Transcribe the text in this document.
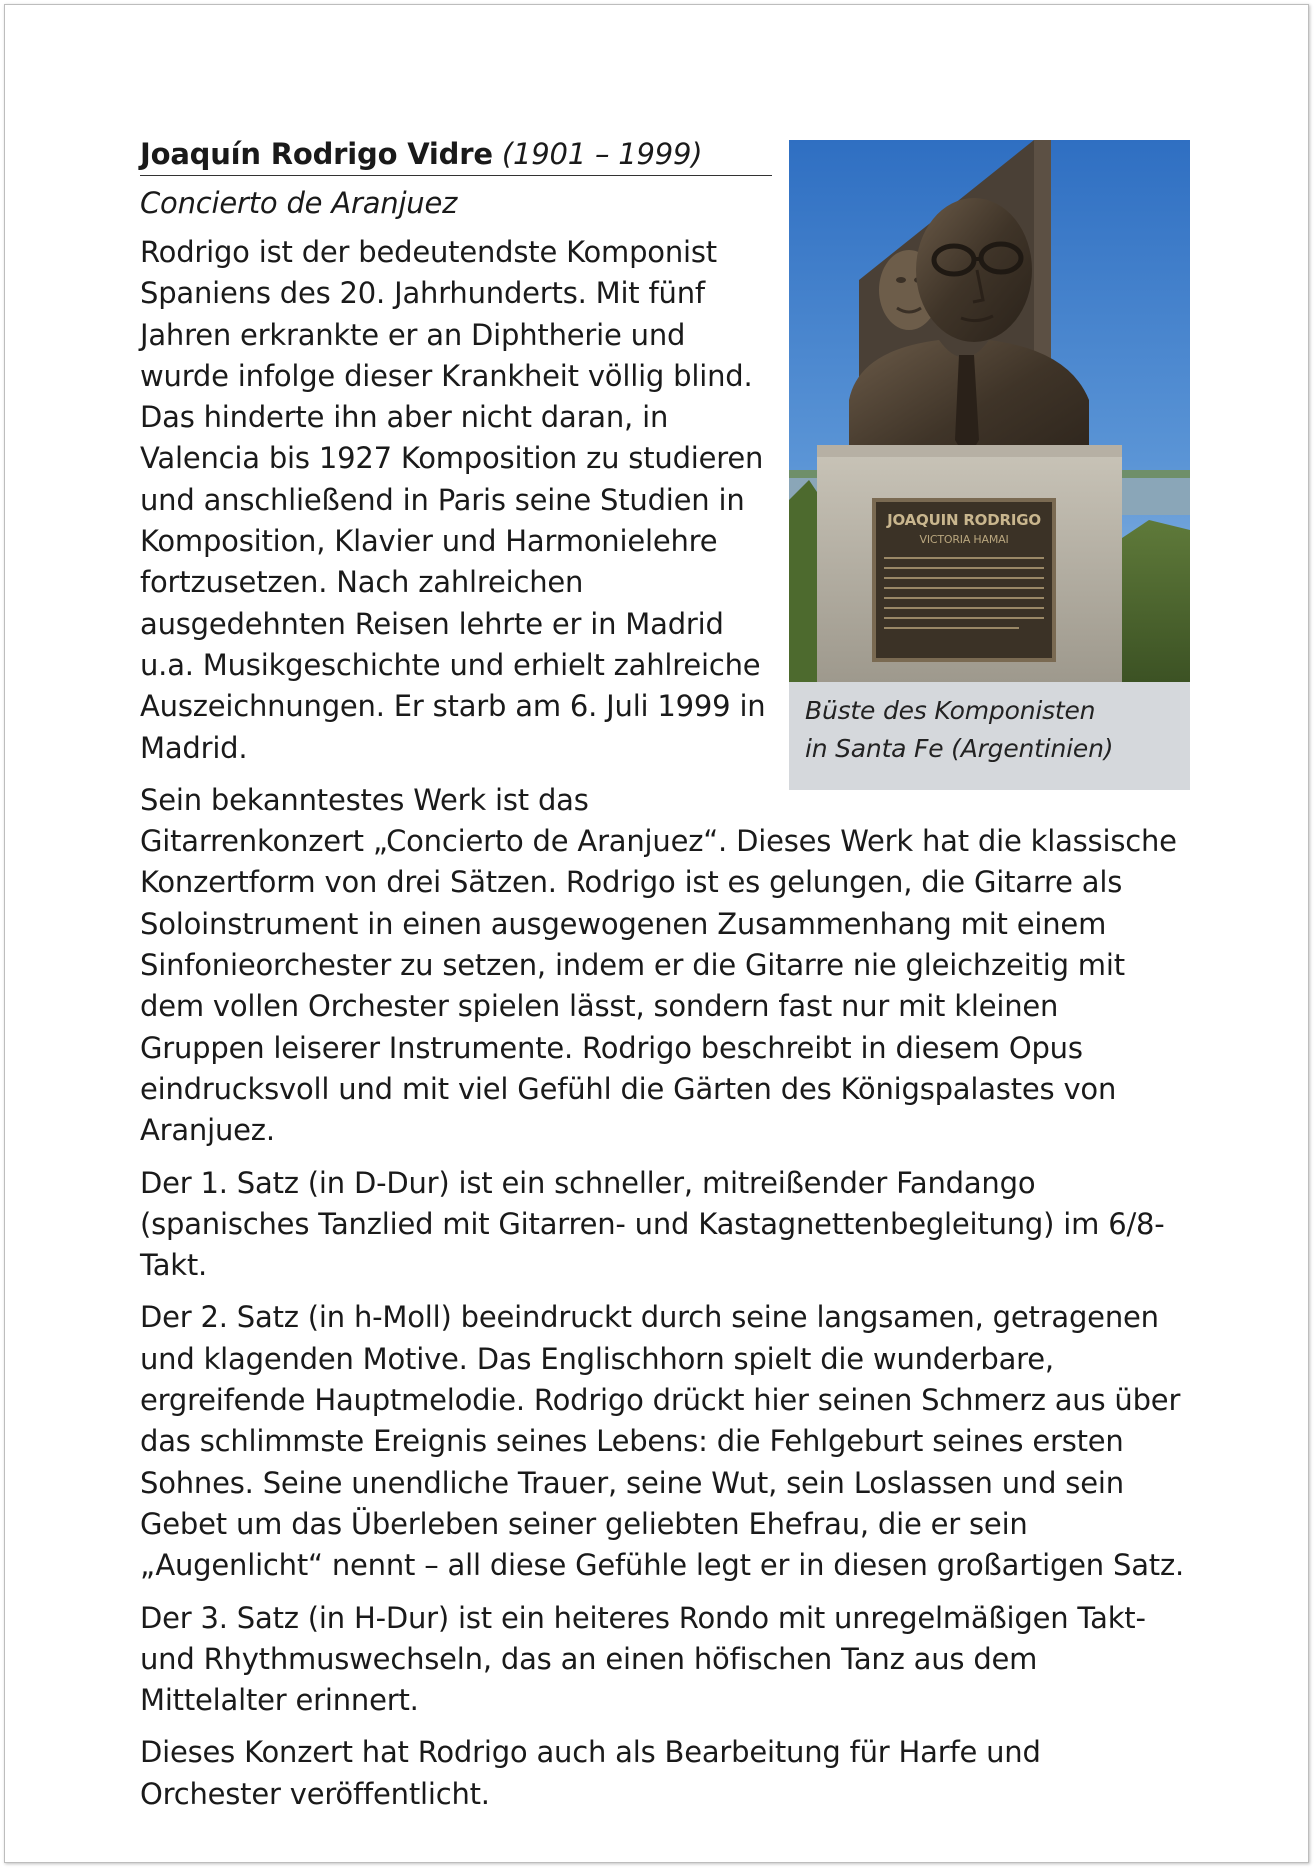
JOAQUIN RODRIGO
VICTORIA HAMAI
Büste des Komponisten
in Santa Fe (Argentinien)
Joaquín Rodrigo Vidre (1901 – 1999)
Concierto de Aranjuez

Rodrigo ist der bedeutendste Komponist Spaniens des 20. Jahrhunderts. Mit fünf Jahren erkrankte er an Diphtherie und wurde infolge dieser Krankheit völlig blind. Das hinderte ihn aber nicht daran, in Valencia bis 1927 Komposition zu studieren und anschließend in Paris seine Studien in Komposition, Klavier und Harmonielehre fortzusetzen. Nach zahlreichen ausgedehnten Reisen lehrte er in Madrid u.a. Musikgeschichte und erhielt zahlreiche Auszeichnungen. Er starb am 6. Juli 1999 in Madrid.

Sein bekanntestes Werk ist das Gitarrenkonzert „Concierto de Aranjuez“. Dieses Werk hat die klassische Konzertform von drei Sätzen. Rodrigo ist es gelungen, die Gitarre als Soloinstrument in einen ausgewogenen Zusammenhang mit einem Sinfonieorchester zu setzen, indem er die Gitarre nie gleichzeitig mit dem vollen Orchester spielen lässt, sondern fast nur mit kleinen Gruppen leiserer Instrumente. Rodrigo beschreibt in diesem Opus eindrucksvoll und mit viel Gefühl die Gärten des Königspalastes von Aranjuez.

Der 1. Satz (in D-Dur) ist ein schneller, mitreißender Fandango (spanisches Tanzlied mit Gitarren- und Kastagnettenbegleitung) im 6/8-Takt.

Der 2. Satz (in h-Moll) beeindruckt durch seine langsamen, getragenen und klagenden Motive. Das Englischhorn spielt die wunderbare, ergreifende Hauptmelodie. Rodrigo drückt hier seinen Schmerz aus über das schlimmste Ereignis seines Lebens: die Fehlgeburt seines ersten Sohnes. Seine unendliche Trauer, seine Wut, sein Loslassen und sein Gebet um das Überleben seiner geliebten Ehefrau, die er sein „Augenlicht“ nennt – all diese Gefühle legt er in diesen großartigen Satz.

Der 3. Satz (in H-Dur) ist ein heiteres Rondo mit unregelmäßigen Takt- und Rhythmuswechseln, das an einen höfischen Tanz aus dem Mittelalter erinnert.

Dieses Konzert hat Rodrigo auch als Bearbeitung für Harfe und Orchester veröffentlicht.
